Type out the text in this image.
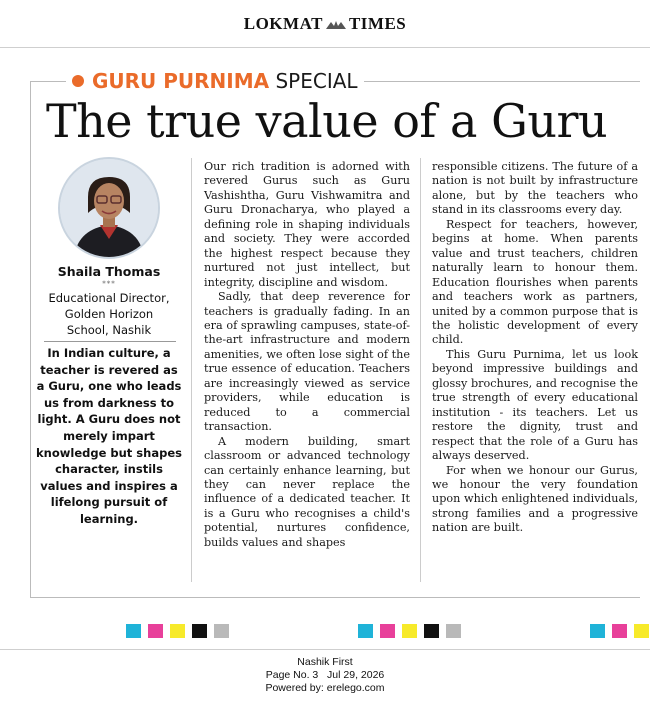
LOKMAT TIMES
GURU PURNIMA SPECIAL
The true value of a Guru
Shaila Thomas
***
Educational Director,
Golden Horizon
School, Nashik
In Indian culture, a teacher is revered as a Guru, one who leads us from darkness to light. A Guru does not merely impart knowledge but shapes character, instils values and inspires a lifelong pursuit of learning.

Our rich tradition is adorned with revered Gurus such as Guru Vashishtha, Guru Vishwamitra and Guru Dronacharya, who played a defining role in shaping individuals and society. They were accorded the highest respect because they nurtured not just intellect, but integrity, discipline and wisdom.

Sadly, that deep reverence for teachers is gradually fading. In an era of sprawling campuses, state-of-the-art infrastructure and modern amenities, we often lose sight of the true essence of education. Teachers are increasingly viewed as service providers, while education is reduced to a commercial transaction.

A modern building, smart classroom or advanced technology can certainly enhance learning, but they can never replace the influence of a dedicated teacher. It is a Guru who recognises a child's potential, nurtures confidence, builds values and shapes

responsible citizens. The future of a nation is not built by infrastructure alone, but by the teachers who stand in its classrooms every day.

Respect for teachers, however, begins at home. When parents value and trust teachers, children naturally learn to honour them. Education flourishes when parents and teachers work as partners, united by a common purpose that is the holistic development of every child.

This Guru Purnima, let us look beyond impressive buildings and glossy brochures, and recognise the true strength of every educational institution - its teachers. Let us restore the dignity, trust and respect that the role of a Guru has always deserved.

For when we honour our Gurus, we honour the very foundation upon which enlightened individuals, strong families and a progressive nation are built.

Nashik First
Page No. 3 Jul 29, 2026
Powered by: erelego.com
